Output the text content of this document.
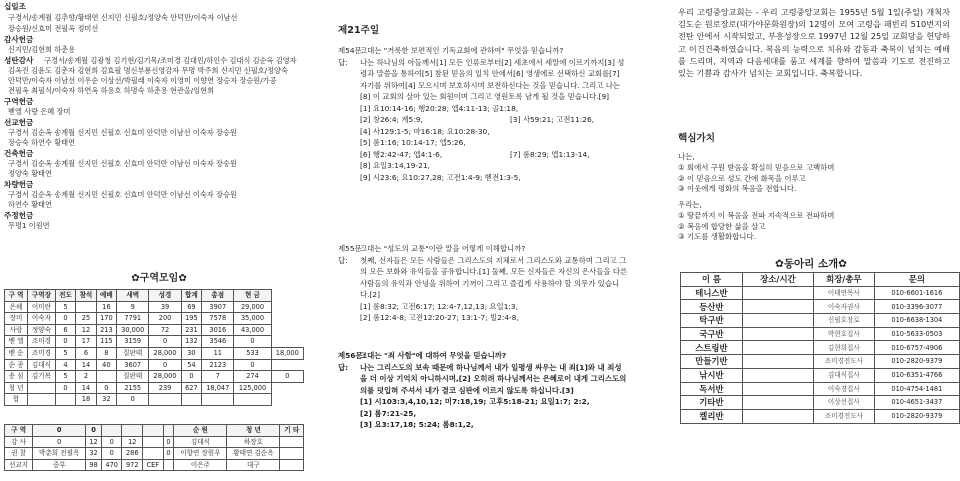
십일조
구경서/송계월 김추향/황태연 신지민 신필호/정양숙 안덕만/이숙자 이남선
장승원/신효미 전필옥 정미선
감사헌금
신지민/김현희 하춘용
성탄감사 구경서/송계월 김광청 김기현/김기목/조미경 김대민/하인수 김대식 김순옥 김영자
김옥진 김윤도 김춘자 김현희 김효필 명신부룡신영감자 무명 박주희 신지민 신필호/정양숙
안덕만/이숙자 이남선 이우순 이상선/박필래 이숙자 이영미 이향연 장승자 장승원/가공
전필옥 최필식/이숙자 하연옥 하용호 하명숙 하춘용 현관을/임현희
구역헌금
벧엘 사랑 은혜 장미
선교헌금
구경서 김순옥 송계월 신지민 신필호 신효미 안덕만 이남선 이숙자 장승원
장승숙 하연수 황태연
건축헌금
구경서 김순옥 송계월 신지민 신필호 신효미 안덕만 이남선 이숙자 장승원
정양숙 황태연
차량헌금
구경서 김순옥 송계월 신지민 신필호 신효미 안덕만 이남선 이숙자 장승원
하연수 황태연
주정헌금
무명1 이원연
✿구역모임✿
구 역	구역장	전도	참석	예배	새벽	성경	합계	총점	현 금	
은혜	이미란	5		16	9	39	69	3907	29,000	
장미	이숙자	0	25	170	7791	200	195	7578	35,000	
사랑	정양숙	6	12	213	30,000	72	231	3016	43,000	
벧 엘	조미경	0	17	115	3159	0	132	3546	0	
벧 순	조미경	5	6	8	질판태	28,000	30	11	533	18,000
순 종	김대식	4	14	40	3607	0	54	2123	0	
송 심	김기복	5	2		질판태	28,000	0	7	274	0
청 년		0	14	0	2155	239	627	18,047	125,000	
합			18	32	0					
구 역	0	0					순 원	청 년	기 타
강 사	0	12	0	12		0	김대식	하장호	
권 찰	박춘희 전필옥	32	0	286		0	이향연 장원우	황태연 김순옥	
선교지	중부	98	470	972	CEF		이은주	대구	
제21주일
제54문:
그대는 "거룩한 보편적인 기독교회에 관하여" 무엇을 믿습니까?
답: 나는 하나님의 아들께서[1] 모든 인류로부터[2] 세초에서 세말에 이르기까지[3] 성령과 말씀을 통하여[5] 참된 믿음의 일치 안에서[6] 영생에로 선택하신 교회를[7] 자기를 위하여[4] 모으시며 보호하시며 보전하신다는 것을 믿습니다. 그리고 나는[8] 이 교회의 살아 있는 회원이며 그리고 영원토록 남게 될 것을 믿습니다.[9]
[1] 요10:14-16; 행20:28; 엡4:11-13; 골1:18,
[2] 창26:4; 계5:9,	[3] 사59:21; 고전11:26,
[4] 사129:1-5; 마16:18; 요10:28-30,
[5] 롬1:16; 10:14-17; 엡5:26,
[6] 행2:42-47; 엡4:1-6,	[7] 롬8:29; 엡1:13-14,
[8] 요일3:14,19-21,
[9] 시23:6; 요10:27,28; 고전1:4-9; 벧전1:3-5,
제55문:
그대는 "성도의 교통"이란 말을 어떻게 이해합니까?
답: 첫째, 신자들은 모든 사람들은 그리스도의 지체로서 그리스도와 교통하며 그리고 그의 모든 보화와 유익들을 공유합니다.[1] 둘째, 모든 신자들은 자신의 은사들을 다른 사람들의 유익과 안녕을 위하여 기꺼이 그리고 즐겁게 사용하야 할 의무가 있습니다.[2]
[1] 롬8:32; 고전6:17; 12:4-7,12,13; 요일1:3,
[2] 롬12:4-8; 고전12:20-27; 13:1-7; 빌2:4-8,
제56문:
그대는 "죄 사함"에 대하여 무엇을 믿습니까?
답: 나는 그리스도의 보속 때문에 하나님께서 내가 일평생 싸우는 내 죄[1]와 내 죄성을 더 이상 기억치 아니하시며,[2] 오히려 하나님께서는 은혜로이 내게 그리스도의 의를 덧입혀 주셔서 내가 결코 심판에 이르지 않도록 하십니다.[3]
[1] 시103:3,4,10,12; 미7:18,19; 고후5:18-21; 요일1:7; 2:2,
[2] 롬7:21-25,
[3] 요3:17,18; 5:24; 롬8:1,2,
우리 고령중앙교회는 - 우리 고령중앙교회는 1955년 5월 1일(주일) 개척자 김도순 원로장로(대가야문화원장)의 12명이 모여 고령읍 패빈리 510번지의 전탄 안에서 시작되었고, 부흥성장으로 1997년 12월 25일 교회당을 헌당하고 이건건축하였습니다. 복음의 능력으로 치유와 감동과 축복이 넘치는 예배를 드리며, 지역과 다음세대를 품고 세계를 향하여 말씀과 기도로 전진하고 있는 기쁨과 감사가 넘치는 교회입니다. 축복합니다.
핵심가치
나는,
① 회에서 구원 받음을 확실히 믿음으로 고백하며
② 이 믿음으로 성도 간에 화목을 이루고
③ 이웃에게 평화의 복음을 전합니다.
우리는,
① 땅끝까지 이 복음을 전파 지속적으로 전파하며
② 복음에 합당한 삶을 살고
③ 기도를 생활화합니다.
✿동아리 소개✿
이 름	장소/시간	회장/총무	문의
테니스반		이태연목사	010-6601-1616
등산반		이숙자권사	010-3396-3077
탁구반		신필호장로	010-6638-1304
국구반		박현호집사	010-5633-0503
스트링반		김현희집사	010-6757-4906
만들기반		조미경전도사	010-2820-9379
낚시반		김대식집사	010-6351-4766
독서반		이숙경집사	010-4754-1481
기타반		이상선집사	010-4651-3437
켈리반		조미경전도사	010-2820-9379
